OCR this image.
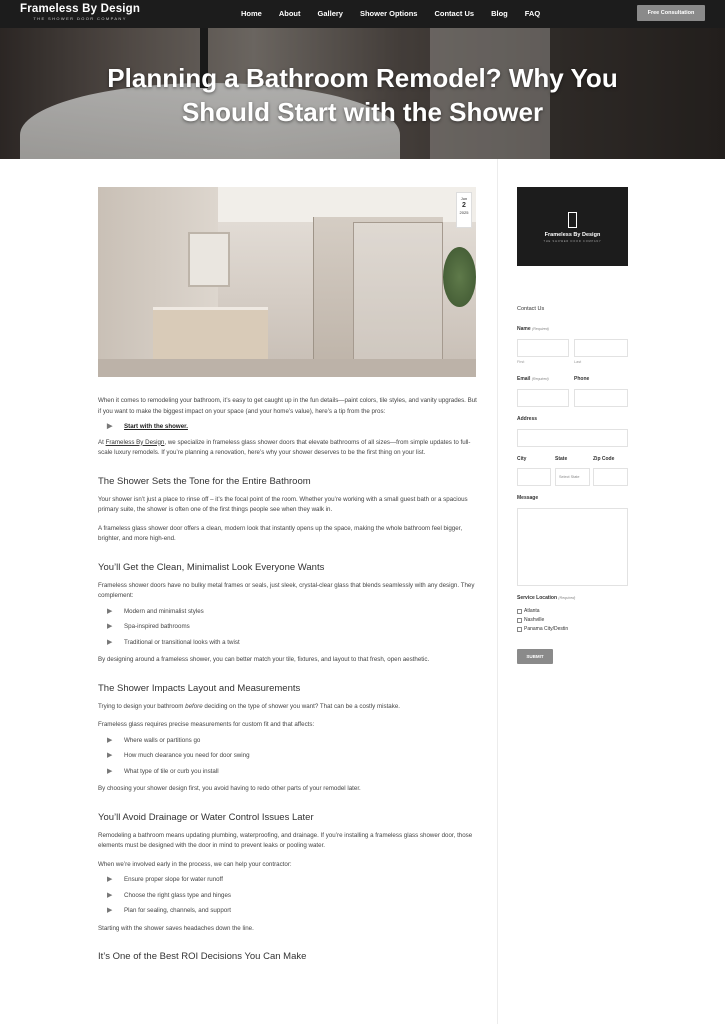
Frameless By Design
THE SHOWER DOOR COMPANY
Home About Gallery Shower Options Contact Us Blog FAQ	Free Consultation
Planning a Bathroom Remodel? Why You Should Start with the Shower
Jun
2
2025

When it comes to remodeling your bathroom, it’s easy to get caught up in the fun details—paint colors, tile styles, and vanity upgrades. But if you want to make the biggest impact on your space (and your home’s value), here’s a tip from the pros:

▶ Start with the shower.

At Frameless By Design, we specialize in frameless glass shower doors that elevate bathrooms of all sizes—from simple updates to full-scale luxury remodels. If you’re planning a renovation, here’s why your shower deserves to be the first thing on your list.

The Shower Sets the Tone for the Entire Bathroom

Your shower isn’t just a place to rinse off – it’s the focal point of the room. Whether you’re working with a small guest bath or a spacious primary suite, the shower is often one of the first things people see when they walk in.

A frameless glass shower door offers a clean, modern look that instantly opens up the space, making the whole bathroom feel bigger, brighter, and more high-end.

You’ll Get the Clean, Minimalist Look Everyone Wants

Frameless shower doors have no bulky metal frames or seals, just sleek, crystal-clear glass that blends seamlessly with any design. They complement:

▶ Modern and minimalist styles
▶ Spa-inspired bathrooms
▶ Traditional or transitional looks with a twist

By designing around a frameless shower, you can better match your tile, fixtures, and layout to that fresh, open aesthetic.

The Shower Impacts Layout and Measurements

Trying to design your bathroom before deciding on the type of shower you want? That can be a costly mistake.

Frameless glass requires precise measurements for custom fit and that affects:

▶ Where walls or partitions go
▶ How much clearance you need for door swing
▶ What type of tile or curb you install

By choosing your shower design first, you avoid having to redo other parts of your remodel later.

You’ll Avoid Drainage or Water Control Issues Later

Remodeling a bathroom means updating plumbing, waterproofing, and drainage. If you’re installing a frameless glass shower door, those elements must be designed with the door in mind to prevent leaks or pooling water.

When we’re involved early in the process, we can help your contractor:

▶ Ensure proper slope for water runoff
▶ Choose the right glass type and hinges
▶ Plan for sealing, channels, and support

Starting with the shower saves headaches down the line.

It’s One of the Best ROI Decisions You Can Make
Frameless By Design
THE SHOWER DOOR COMPANY
Contact Us
Name (Required)
First	Last
Email (Required)	Phone
Address
City	State	Zip Code
Select State
Message
Service Location (Required)
Atlanta
Nashville
Panama City/Destin
SUBMIT
